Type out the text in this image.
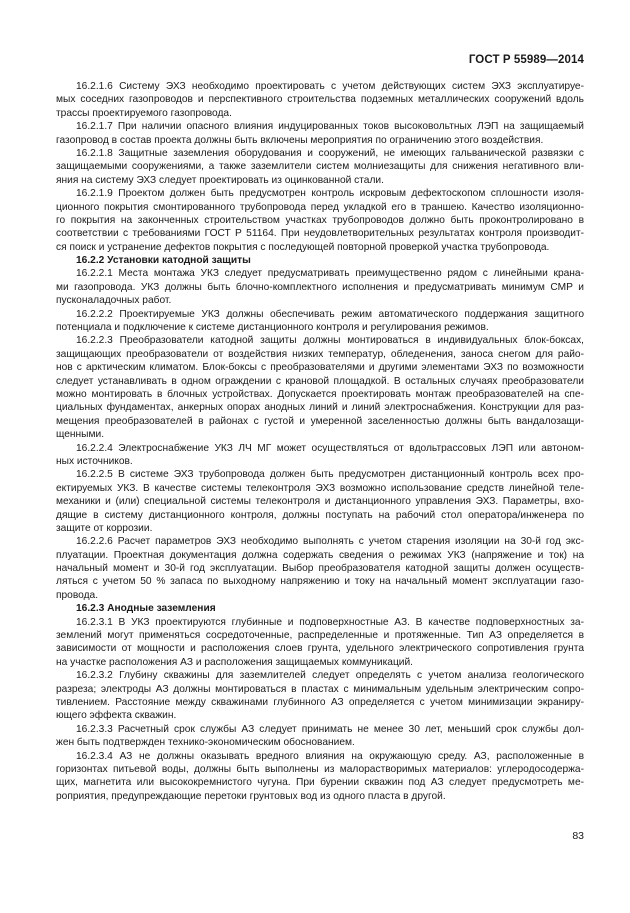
ГОСТ Р 55989—2014
16.2.1.6 Систему ЭХЗ необходимо проектировать с учетом действующих систем ЭХЗ эксплуатируе-
мых соседних газопроводов и перспективного строительства подземных металлических сооружений вдоль
трассы проектируемого газопровода.
16.2.1.7 При наличии опасного влияния индуцированных токов высоковольтных ЛЭП на защищаемый
газопровод в состав проекта должны быть включены мероприятия по ограничению этого воздействия.
16.2.1.8 Защитные заземления оборудования и сооружений, не имеющих гальванической развязки с
защищаемыми сооружениями, а также заземлители систем молниезащиты для снижения негативного вли-
яния на систему ЭХЗ следует проектировать из оцинкованной стали.
16.2.1.9 Проектом должен быть предусмотрен контроль искровым дефектоскопом сплошности изоля-
ционного покрытия смонтированного трубопровода перед укладкой его в траншею. Качество изоляционно-
го покрытия на законченных строительством участках трубопроводов должно быть проконтролировано в
соответствии с требованиями ГОСТ Р 51164. При неудовлетворительных результатах контроля производит-
ся поиск и устранение дефектов покрытия с последующей повторной проверкой участка трубопровода.
16.2.2 Установки катодной защиты
16.2.2.1 Места монтажа УКЗ следует предусматривать преимущественно рядом с линейными крана-
ми газопровода. УКЗ должны быть блочно-комплектного исполнения и предусматривать минимум СМР и
пусконаладочных работ.
16.2.2.2 Проектируемые УКЗ должны обеспечивать режим автоматического поддержания защитного
потенциала и подключение к системе дистанционного контроля и регулирования режимов.
16.2.2.3 Преобразователи катодной защиты должны монтироваться в индивидуальных блок-боксах,
защищающих преобразователи от воздействия низких температур, обледенения, заноса снегом для райо-
нов с арктическим климатом. Блок-боксы с преобразователями и другими элементами ЭХЗ по возможности
следует устанавливать в одном ограждении с крановой площадкой. В остальных случаях преобразователи
можно монтировать в блочных устройствах. Допускается проектировать монтаж преобразователей на спе-
циальных фундаментах, анкерных опорах анодных линий и линий электроснабжения. Конструкции для раз-
мещения преобразователей в районах с густой и умеренной заселенностью должны быть вандалозащи-
щенными.
16.2.2.4 Электроснабжение УКЗ ЛЧ МГ может осуществляться от вдольтрассовых ЛЭП или автоном-
ных источников.
16.2.2.5 В системе ЭХЗ трубопровода должен быть предусмотрен дистанционный контроль всех про-
ектируемых УКЗ. В качестве системы телеконтроля ЭХЗ возможно использование средств линейной теле-
механики и (или) специальной системы телеконтроля и дистанционного управления ЭХЗ. Параметры, вхо-
дящие в систему дистанционного контроля, должны поступать на рабочий стол оператора/инженера по
защите от коррозии.
16.2.2.6 Расчет параметров ЭХЗ необходимо выполнять с учетом старения изоляции на 30-й год экс-
плуатации. Проектная документация должна содержать сведения о режимах УКЗ (напряжение и ток) на
начальный момент и 30-й год эксплуатации. Выбор преобразователя катодной защиты должен осуществ-
ляться с учетом 50 % запаса по выходному напряжению и току на начальный момент эксплуатации газо-
провода.
16.2.3 Анодные заземления
16.2.3.1 В УКЗ проектируются глубинные и подповерхностные АЗ. В качестве подповерхностных за-
землений могут применяться сосредоточенные, распределенные и протяженные. Тип АЗ определяется в
зависимости от мощности и расположения слоев грунта, удельного электрического сопротивления грунта
на участке расположения АЗ и расположения защищаемых коммуникаций.
16.2.3.2 Глубину скважины для заземлителей следует определять с учетом анализа геологического
разреза; электроды АЗ должны монтироваться в пластах с минимальным удельным электрическим сопро-
тивлением. Расстояние между скважинами глубинного АЗ определяется с учетом минимизации экраниру-
ющего эффекта скважин.
16.2.3.3 Расчетный срок службы АЗ следует принимать не менее 30 лет, меньший срок службы дол-
жен быть подтвержден технико-экономическим обоснованием.
16.2.3.4 АЗ не должны оказывать вредного влияния на окружающую среду. АЗ, расположенные в
горизонтах питьевой воды, должны быть выполнены из малорастворимых материалов: углеродосодержа-
щих, магнетита или высококремнистого чугуна. При бурении скважин под АЗ следует предусмотреть ме-
роприятия, предупреждающие перетоки грунтовых вод из одного пласта в другой.
83
